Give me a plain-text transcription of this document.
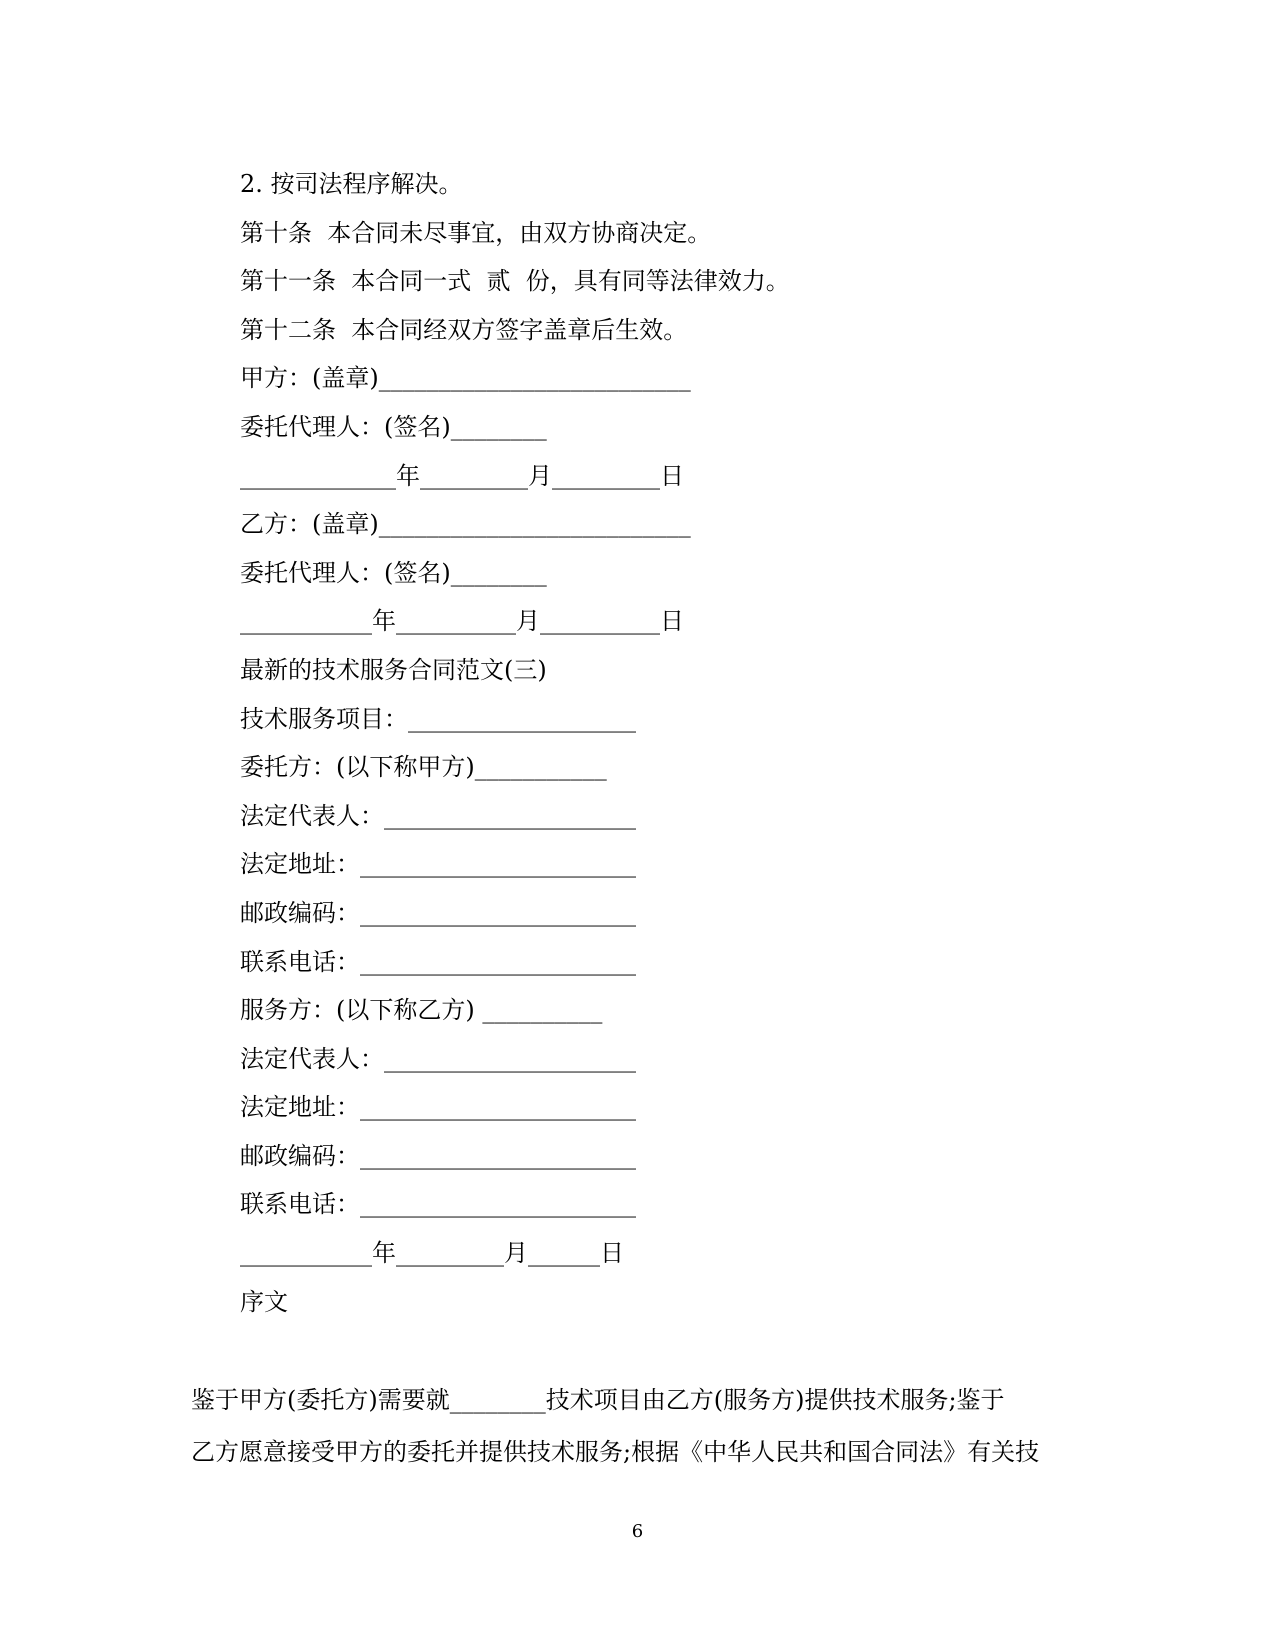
2. 按司法程序解决。
第十条  本合同未尽事宜，由双方协商决定。
第十一条  本合同一式  贰  份，具有同等法律效力。
第十二条  本合同经双方签字盖章后生效。
甲方：(盖章)__________________________
委托代理人：(签名)________
_____________年_________月_________日
乙方：(盖章)__________________________
委托代理人：(签名)________
___________年__________月__________日
最新的技术服务合同范文(三)
技术服务项目：___________________
委托方：(以下称甲方)___________
法定代表人：_____________________
法定地址：_______________________
邮政编码：_______________________
联系电话：_______________________
服务方：(以下称乙方) __________
法定代表人：_____________________
法定地址：_______________________
邮政编码：_______________________
联系电话：_______________________
___________年_________月______日
序文
鉴于甲方(委托方)需要就________技术项目由乙方(服务方)提供技术服务;鉴于
乙方愿意接受甲方的委托并提供技术服务;根据《中华人民共和国合同法》有关技
6
